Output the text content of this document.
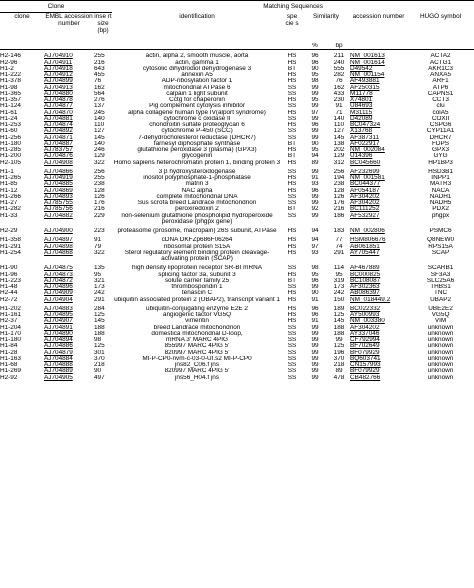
Clone			Matching Sequences					
clone	EMBL accession number	inse rt size (bp)	identification	spe cie s	Similarity		accession number	HUGO symbol
					%	bp		

H2-146	AJ704910	255	actin, alpha 2, smooth muscle, aorta	HS	96	211	NM_001613	ACTA2
H2-96	AJ704911	216	actin, gamma 1	HS	96	240	NM_001614	ACTG1
H1-2	AJ704918	643	cytosolic dihydrodiol dehydrogenase 3	BT	90	555	D49542	AKR1C3
H1-222	AJ704912	455	annexin A5	HS	95	282	NM_001154	ANXA5
H1-378	AJ704899	76	ADP-ribosylation factor 1	HS	98	76	AF493881	ARF1
H1-98	AJ704913	162	mitochondrial ATPase 6	SS	99	162	AF250315	ATP6
H1-365	AJ704880	564	calpain 1 light subunit	SS	99	433	M11778	CAPNS1
H1-357	AJ704878	276	Cctg for chaperonin	HS	95	230	X74801	CCT3
H1-124	AJ704877	137	Pig complement cytolysis inhibitor	SS	99	91	U84693	clu
H1-61	AJ704870	245	alpha collagene human type IV(alport syndrome)	HS	97	71	M31115	colA5
H1-24	AJ704881	140	cytochrome c oxidase II	SS	99	140	D42089	COXII
H1-253	AJ704874	110	chondroitin sulfate proteoglycan 6	HS	96	110	BC047324	CSPG6
H1-60	AJ704892	127	cytochrome P-450 (SCC)	SS	99	127	X13768	CYP11A1
H1-256	AJ704871	145	7-dehydrocholesterol reductase (DHCR7)	SS	99	145	AF387311	DHCR7
H1-180	AJ704887	140	farnesyl diphosphate synthase	BT	90	138	AF022917	FDPS
H1-285	AJ783757	246	glutathione peroxidase 3 (plasma) (GPX3)	HS	95	202	NM_002084	GPX3
H1-200	AJ704876	129	glycogenin	BT	94	129	U14396	GYG
H2-105	AJ704908	322	Homo sapiens heterochromatin protein 1, binding protein 3	HS	89	312	BC045660	HP1BP3

H1-1	AJ704866	256	3 β hydroxysteroidogenase	SS	99	256	AF232699	HSD3B1
H1-265	AJ704919	255	inositol polyphosphate-1-phosphatase	HS	91	194	NM_001581	INPP1
H1-85	AJ704885	238	matrin 3	HS	93	238	BC044377	MATR3
H1-12	AJ704869	128	NAC alpha	HS	96	128	AF054187	NACA
H1-266	AJ704893	126	complete mitochondrial DNA	SS	99	126	AF304202	NADH1
H1-27	AJ785755	176	Sus scrofa breed Landrace mitochondrion	SS	99	176	AF304202	NADH5
H1-282	AJ785756	216	peroxiredoxin 2	BT	92	216	BC111252	PDX2
H1-33	AJ704882	229	non-selenium glutathione phospholipid hydroperoxide peroxidase (phgpx gene)	SS	99	186	AF532927	phgpx

H2-29	AJ704900	223	proteasome (prosome, macropain) 26S subunit, ATPase	HS	94	183	NM_002806	PSMC6

H1-358	AJ704897	91	cDNA DKFZp686F06264	HS	94	77	HSM806676	Q8NEW0
H1-291	AJ704898	79	ribosomal protein S15A	HS	97	74	AB061851	RPS15A
H1-254	AJ704868	322	Sterol regulatory element binding protein cleavage-activating protein (SCAP)	HS	93	291	AY705447	SCAP

H1-90	AJ704875	135	high density lipoprotein receptor SR-BI mRNA	SS	98	114	AF467889	SCARB1
H1-96	AJ704873	95	splicing factor 3a, subunit 3	HS	95	95	BC000825	SF3A3
H1-223	AJ704872	321	solute carrier family 25	BT	96	319	BC108087	SLC25A6
H1-48	AJ704896	173	thrombospondin 1	SS	99	173	AF302363	THBS1
H2-44	AJ704909	242	tenascin C	HS	90	242	AB086397	TNC
H2-72	AJ704904	291	ubiquitin associated protein 2 (UBAP2), transcript variant 1	HS	91	150	NM_018449.2	UBAP2

H1-202	AJ704883	284	ubiquitin-conjugating enzyme E2E 2	HS	96	189	BC022332	UBE2E2
H1-161	AJ704895	125	angiogenic factor VG5Q	HS	96	125	AY500993	VG5Q
H2-37	AJ704907	145	vimentin	HS	91	145	NM_003380	VIM
H1-204	AJ704891	188	breed Landrace mitochondrion	SS	99	188	AF304202	unknown
H1-170	AJ704890	188	domestica mitochondrial D-loop,	SS	99	188	AY337046	unknown
H1-180	AJ704894	98	mRNA 3' MARC 4PIG	SS	99	99	CF792994	unknown
H1-84	AJ704886	125	855997 MARC 4PIG 5'	SS	99	125	BF702649	unknown
H1-28	AJ704879	301	820997 MARC 4PIG 5'	SS	99	196	BF079929	unknown
H1-163	AJ704884	370	MI-P-CP0-nvm-c-03-0-UI.s2 MI-P-CP0	SS	99	370	BQ603741	unknown
H1-68	AJ704888	218	jns82_C06.f jns	SS	99	218	CN157993	unknown
H1-269	AJ704889	90	820997 MARC 4PIG 5'	SS	99	89	BF079929	unknown
H2-92	AJ704905	497	jns56_H04.f jns	SS	99	478	CB482766	unknown
